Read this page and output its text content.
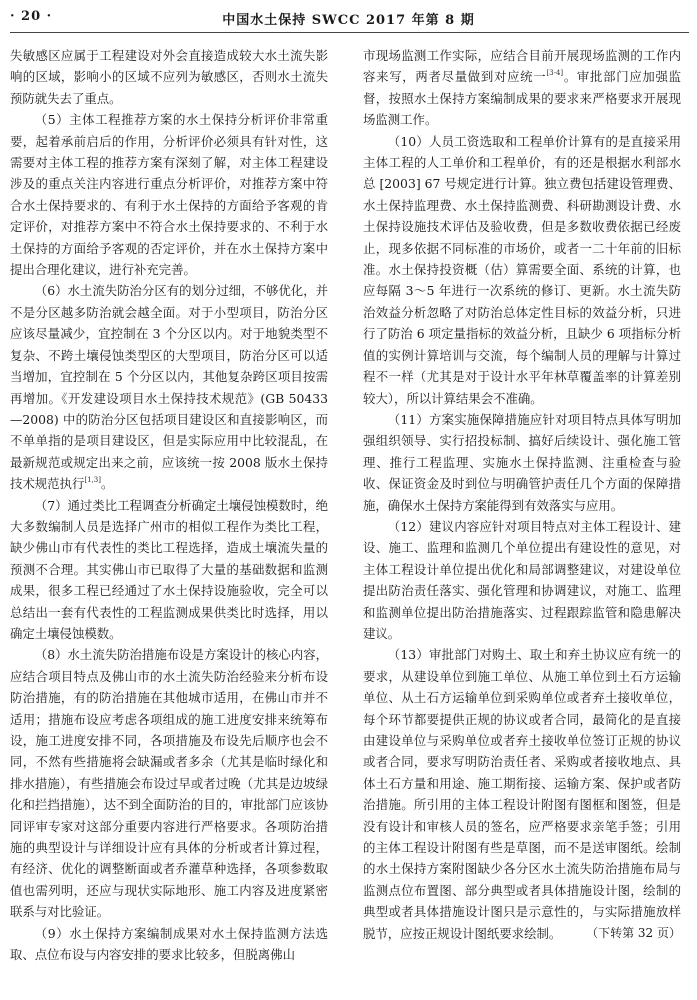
· 20 ·	中国水土保持 SWCC 2017 年第 8 期

失敏感区应属于工程建设对外会直接造成较大水土流失影响的区域，影响小的区域不应列为敏感区，否则水土流失预防就失去了重点。

（5）主体工程推荐方案的水土保持分析评价非常重要，起着承前启后的作用，分析评价必须具有针对性，这需要对主体工程的推荐方案有深刻了解，对主体工程建设涉及的重点关注内容进行重点分析评价，对推荐方案中符合水土保持要求的、有利于水土保持的方面给予客观的肯定评价，对推荐方案中不符合水土保持要求的、不利于水土保持的方面给予客观的否定评价，并在水土保持方案中提出合理化建议，进行补充完善。

（6）水土流失防治分区有的划分过细，不够优化，并不是分区越多防治就会越全面。对于小型项目，防治分区应该尽量减少，宜控制在 3 个分区以内。对于地貌类型不复杂、不跨土壤侵蚀类型区的大型项目，防治分区可以适当增加，宜控制在 5 个分区以内，其他复杂跨区项目按需再增加。《开发建设项目水土保持技术规范》(GB 50433—2008) 中的防治分区包括项目建设区和直接影响区，而不单单指的是项目建设区，但是实际应用中比较混乱，在最新规范或规定出来之前，应该统一按 2008 版水土保持技术规范执行[1,3]。

（7）通过类比工程调查分析确定土壤侵蚀模数时，绝大多数编制人员是选择广州市的相似工程作为类比工程，缺少佛山市有代表性的类比工程选择，造成土壤流失量的预测不合理。其实佛山市已取得了大量的基础数据和监测成果，很多工程已经通过了水土保持设施验收，完全可以总结出一套有代表性的工程监测成果供类比时选择，用以确定土壤侵蚀模数。

（8）水土流失防治措施布设是方案设计的核心内容，应结合项目特点及佛山市的水土流失防治经验来分析布设防治措施，有的防治措施在其他城市适用，在佛山市并不适用；措施布设应考虑各项组成的施工进度安排来统筹布设，施工进度安排不同，各项措施及布设先后顺序也会不同，不然有些措施将会缺漏或者多余（尤其是临时绿化和排水措施），有些措施会布设过早或者过晚（尤其是边坡绿化和拦挡措施），达不到全面防治的目的，审批部门应该协同评审专家对这部分重要内容进行严格要求。各项防治措施的典型设计与详细设计应有具体的分析或者计算过程，有经济、优化的调整断面或者乔灌草种选择，各项参数取值也需列明，还应与现状实际地形、施工内容及进度紧密联系与对比验证。

（9）水土保持方案编制成果对水土保持监测方法选取、点位布设与内容安排的要求比较多，但脱离佛山

市现场监测工作实际，应结合目前开展现场监测的工作内容来写，两者尽量做到对应统一[3-4]。审批部门应加强监督，按照水土保持方案编制成果的要求来严格要求开展现场监测工作。

（10）人员工资选取和工程单价计算有的是直接采用主体工程的人工单价和工程单价，有的还是根据水利部水总 [2003] 67 号规定进行计算。独立费包括建设管理费、水土保持监理费、水土保持监测费、科研勘测设计费、水土保持设施技术评估及验收费，但是多数收费依据已经废止，现多依据不同标准的市场价，或者一二十年前的旧标准。水土保持投资概（估）算需要全面、系统的计算，也应每隔 3～5 年进行一次系统的修订、更新。水土流失防治效益分析忽略了对防治总体定性目标的效益分析，只进行了防治 6 项定量指标的效益分析，且缺少 6 项指标分析值的实例计算培训与交流，每个编制人员的理解与计算过程不一样（尤其是对于设计水平年林草覆盖率的计算差别较大），所以计算结果会不准确。

（11）方案实施保障措施应针对项目特点具体写明加强组织领导、实行招投标制、搞好后续设计、强化施工管理、推行工程监理、实施水土保持监测、注重检查与验收、保证资金及时到位与明确管护责任几个方面的保障措施，确保水土保持方案能得到有效落实与应用。

（12）建议内容应针对项目特点对主体工程设计、建设、施工、监理和监测几个单位提出有建设性的意见，对主体工程设计单位提出优化和局部调整建议，对建设单位提出防治责任落实、强化管理和协调建议，对施工、监理和监测单位提出防治措施落实、过程跟踪监管和隐患解决建议。

（13）审批部门对购土、取土和弃土协议应有统一的要求，从建设单位到施工单位、从施工单位到土石方运输单位、从土石方运输单位到采购单位或者弃土接收单位，每个环节都要提供正规的协议或者合同，最简化的是直接由建设单位与采购单位或者弃土接收单位签订正规的协议或者合同，要求写明防治责任者、采购或者接收地点、具体土石方量和用途、施工期衔接、运输方案、保护或者防治措施。所引用的主体工程设计附图有图框和图签，但是没有设计和审核人员的签名，应严格要求亲笔手签；引用的主体工程设计附图有些是草图，而不是送审图纸。绘制的水土保持方案附图缺少各分区水土流失防治措施布局与监测点位布置图、部分典型或者具体措施设计图，绘制的典型或者具体措施设计图只是示意性的，与实际措施放样脱节，应按正规设计图纸要求绘制。	（下转第 32 页）
